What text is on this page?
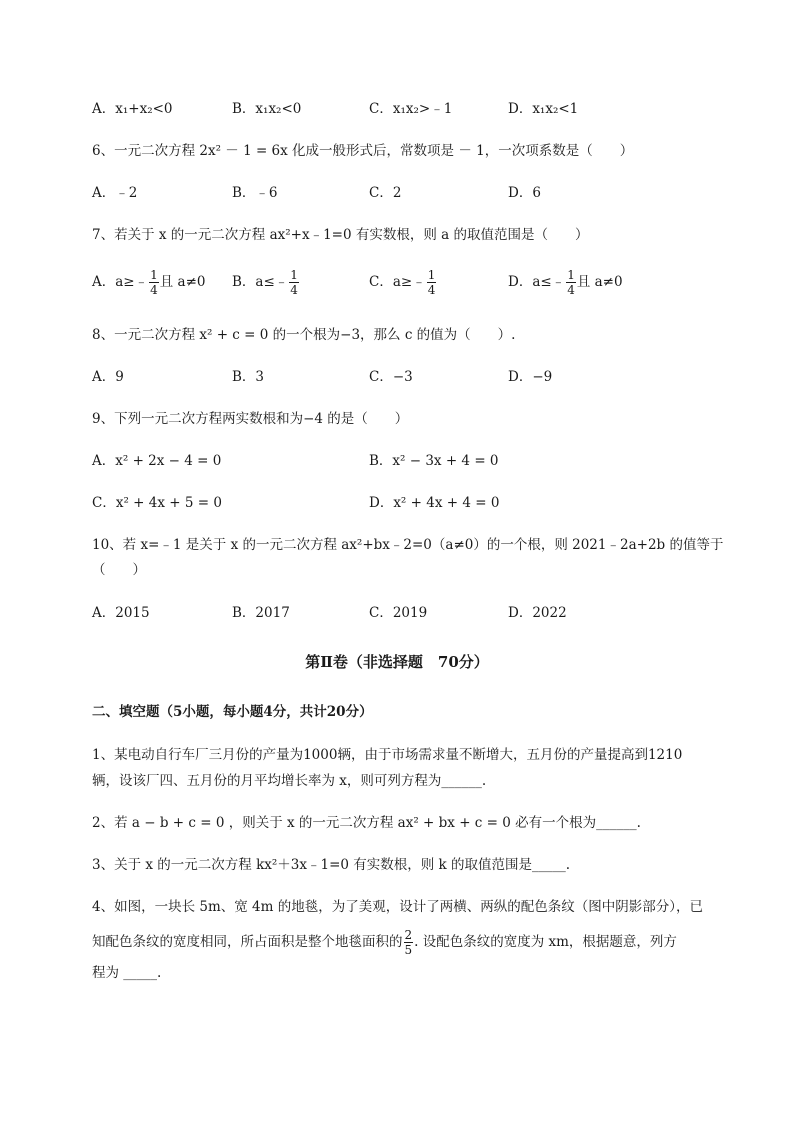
A．x₁+x₂<0	B．x₁x₂<0	C．x₁x₂>﹣1	D．x₁x₂<1
6、一元二次方程 2x² － 1 = 6x 化成一般形式后，常数项是 － 1，一次项系数是（　　）
A．﹣2	B．﹣6	C．2	D．6
7、若关于 x 的一元二次方程 ax²+x﹣1=0 有实数根，则 a 的取值范围是（　　）
A．a≥﹣ $\frac{1}{4}$ 且 a≠0 B．a≤﹣ $\frac{1}{4}$	C．a≥﹣ $\frac{1}{4}$	D．a≤﹣ $\frac{1}{4}$ 且 a≠0
8、一元二次方程 x² + c = 0 的一个根为−3，那么 c 的值为（　　）.
A．9	B．3	C．−3	D．−9
9、下列一元二次方程两实数根和为−4 的是（　　）
A．x² + 2x − 4 = 0	B．x² − 3x + 4 = 0
C．x² + 4x + 5 = 0	D．x² + 4x + 4 = 0
10、若 x=﹣1 是关于 x 的一元二次方程 ax²+bx﹣2=0（a≠0）的一个根，则 2021﹣2a+2b 的值等于
（　　）
A．2015	B．2017	C．2019	D．2022
第Ⅱ卷（非选择题　70分）
二、填空题（5小题，每小题4分，共计20分）
1、某电动自行车厂三月份的产量为1000辆，由于市场需求量不断增大，五月份的产量提高到1210
辆，设该厂四、五月份的月平均增长率为 x，则可列方程为______.
2、若 a − b + c = 0 ，则关于 x 的一元二次方程 ax² + bx + c = 0 必有一个根为______.
3、关于 x 的一元二次方程 kx²＋3x﹣1=0 有实数根，则 k 的取值范围是_____.
4、如图，一块长 5m、宽 4m 的地毯，为了美观，设计了两横、两纵的配色条纹（图中阴影部分），已
知配色条纹的宽度相同，所占面积是整个地毯面积的 $\frac{2}{5}$ . 设配色条纹的宽度为 xm，根据题意，列方
程为 _____.
